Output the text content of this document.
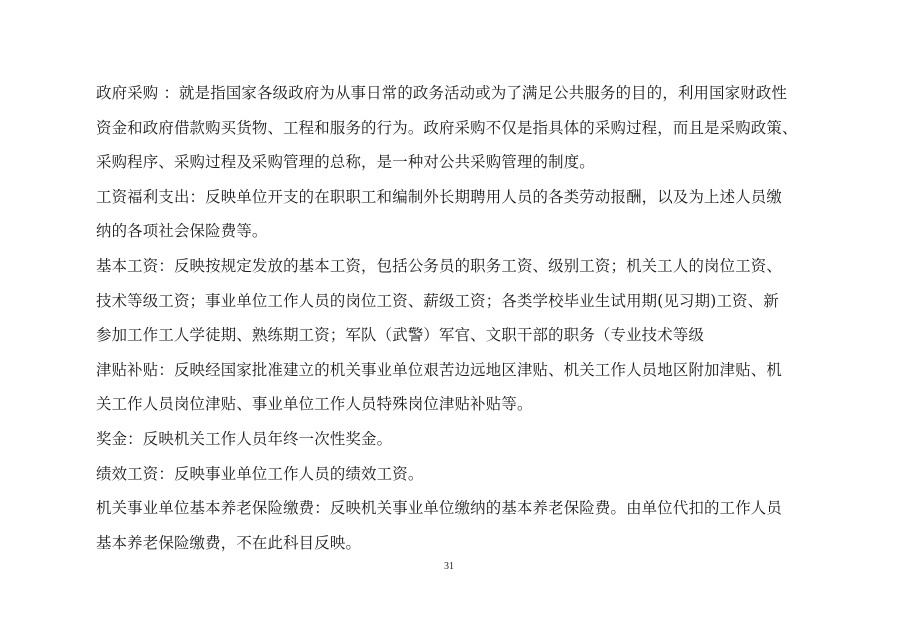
政府采购 ：就是指国家各级政府为从事日常的政务活动或为了满足公共服务的目的，利用国家财政性
资金和政府借款购买货物、工程和服务的行为。政府采购不仅是指具体的采购过程，而且是采购政策、
采购程序、采购过程及采购管理的总称，是一种对公共采购管理的制度。
工资福利支出：反映单位开支的在职职工和编制外长期聘用人员的各类劳动报酬，以及为上述人员缴
纳的各项社会保险费等。
基本工资：反映按规定发放的基本工资，包括公务员的职务工资、级别工资；机关工人的岗位工资、
技术等级工资；事业单位工作人员的岗位工资、薪级工资；各类学校毕业生试用期(见习期)工资、新
参加工作工人学徒期、熟练期工资；军队（武警）军官、文职干部的职务（专业技术等级
津贴补贴：反映经国家批准建立的机关事业单位艰苦边远地区津贴、机关工作人员地区附加津贴、机
关工作人员岗位津贴、事业单位工作人员特殊岗位津贴补贴等。
奖金：反映机关工作人员年终一次性奖金。
绩效工资：反映事业单位工作人员的绩效工资。
机关事业单位基本养老保险缴费：反映机关事业单位缴纳的基本养老保险费。由单位代扣的工作人员
基本养老保险缴费，不在此科目反映。
31
